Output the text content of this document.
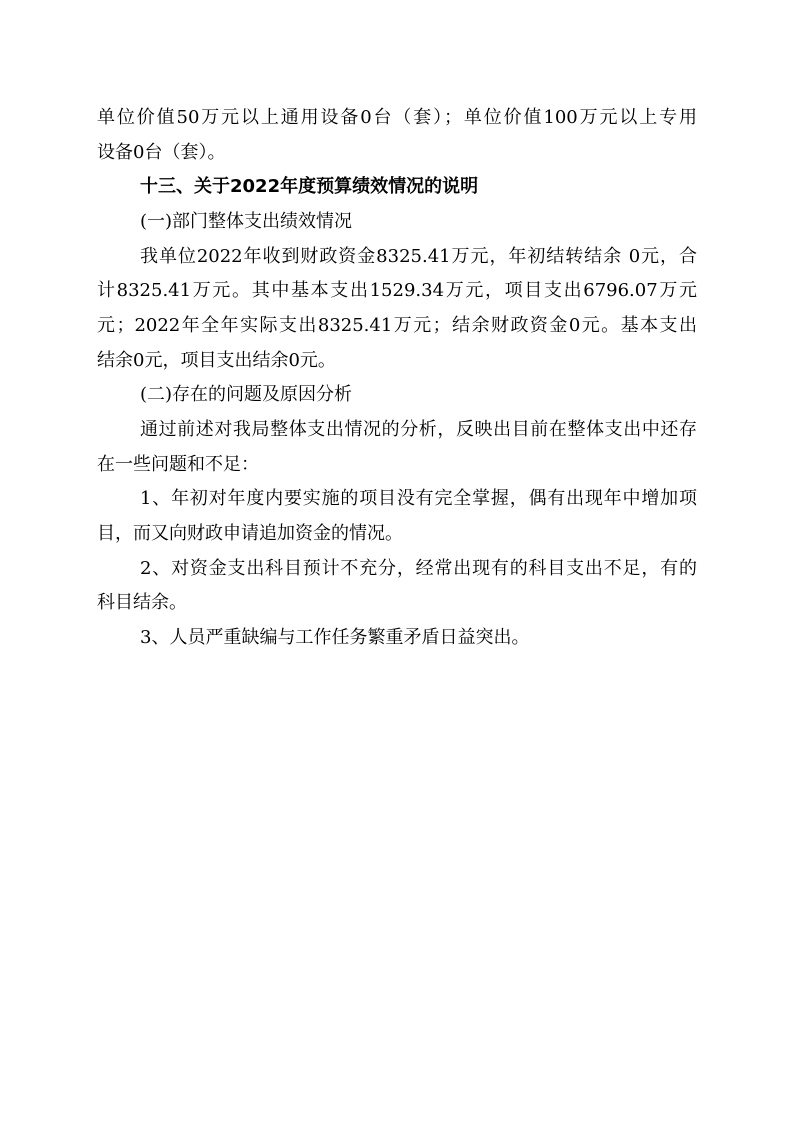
单位价值50万元以上通用设备0台（套）；单位价值100万元以上专用
设备0台（套）。
十三、关于2022年度预算绩效情况的说明
(一)部门整体支出绩效情况
我单位2022年收到财政资金8325.41万元，年初结转结余 0元，合
计8325.41万元。其中基本支出1529.34万元，项目支出6796.07万元
元；2022年全年实际支出8325.41万元；结余财政资金0元。基本支出
结余0元，项目支出结余0元。
(二)存在的问题及原因分析
通过前述对我局整体支出情况的分析，反映出目前在整体支出中还存
在一些问题和不足：
1、年初对年度内要实施的项目没有完全掌握，偶有出现年中增加项
目，而又向财政申请追加资金的情况。
2、对资金支出科目预计不充分，经常出现有的科目支出不足，有的
科目结余。
3、人员严重缺编与工作任务繁重矛盾日益突出。
